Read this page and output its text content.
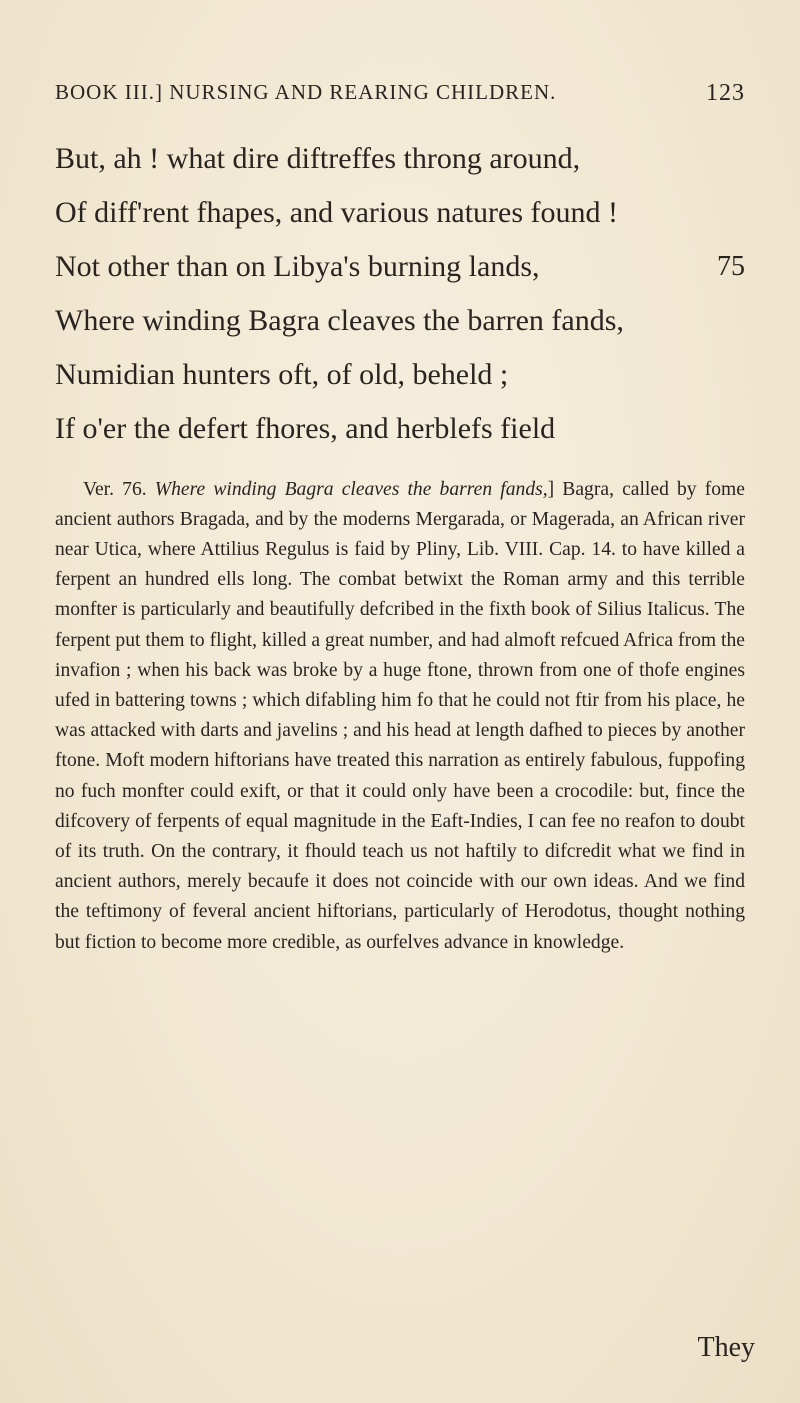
BOOK III.] NURSING AND REARING CHILDREN.	123
But, ah ! what dire diftreffes throng around,
Of diff'rent fhapes, and various natures found !
Not other than on Libya's burning lands,	75
Where winding Bagra cleaves the barren fands,
Numidian hunters oft, of old, beheld ;
If o'er the defert fhores, and herblefs field

Ver. 76. Where winding Bagra cleaves the barren fands,] Bagra, called by fome ancient authors Bragada, and by the moderns Mergarada, or Magerada, an African river near Utica, where Attilius Regulus is faid by Pliny, Lib. VIII. Cap. 14. to have killed a ferpent an hundred ells long. The combat betwixt the Roman army and this terrible monfter is particularly and beautifully defcribed in the fixth book of Silius Italicus. The ferpent put them to flight, killed a great number, and had almoft refcued Africa from the invafion ; when his back was broke by a huge ftone, thrown from one of thofe engines ufed in battering towns ; which difabling him fo that he could not ftir from his place, he was attacked with darts and javelins ; and his head at length dafhed to pieces by another ftone. Moft modern hiftorians have treated this narration as entirely fabulous, fuppofing no fuch monfter could exift, or that it could only have been a crocodile: but, fince the difcovery of ferpents of equal magnitude in the Eaft-Indies, I can fee no reafon to doubt of its truth. On the contrary, it fhould teach us not haftily to difcredit what we find in ancient authors, merely becaufe it does not coincide with our own ideas. And we find the teftimony of feveral ancient hiftorians, particularly of Herodotus, thought nothing but fiction to become more credible, as ourfelves advance in knowledge.

They
